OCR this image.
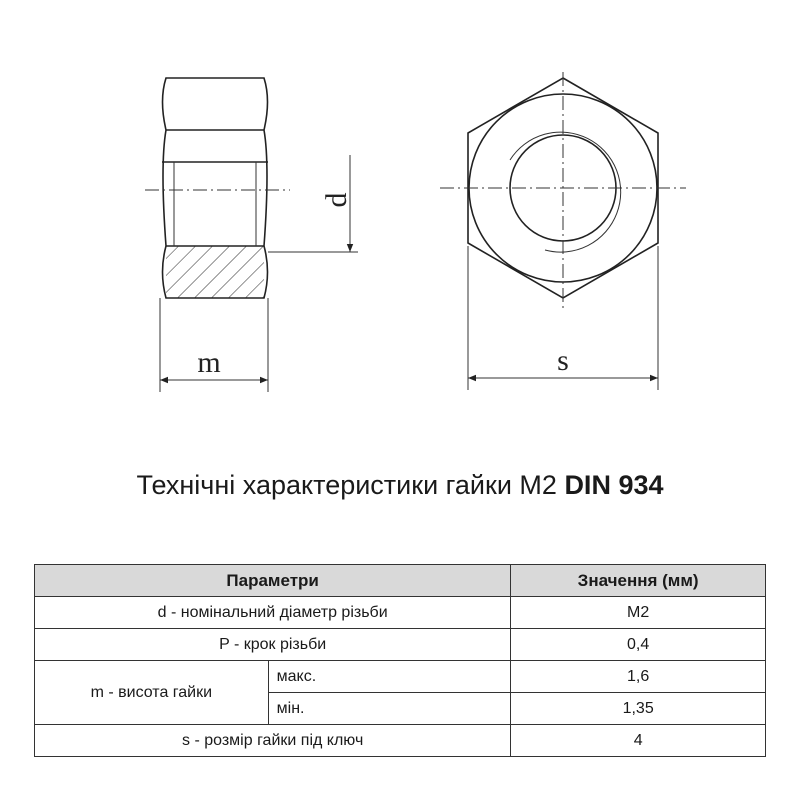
d
m	s
Технічні характеристики гайки М2 DIN 934
Параметри		Значення (мм)
d - номінальний діаметр різьби		M2
P - крок різьби		0,4
m - висота гайки	макс.	1,6
	мін.	1,35
s - розмір гайки під ключ		4
